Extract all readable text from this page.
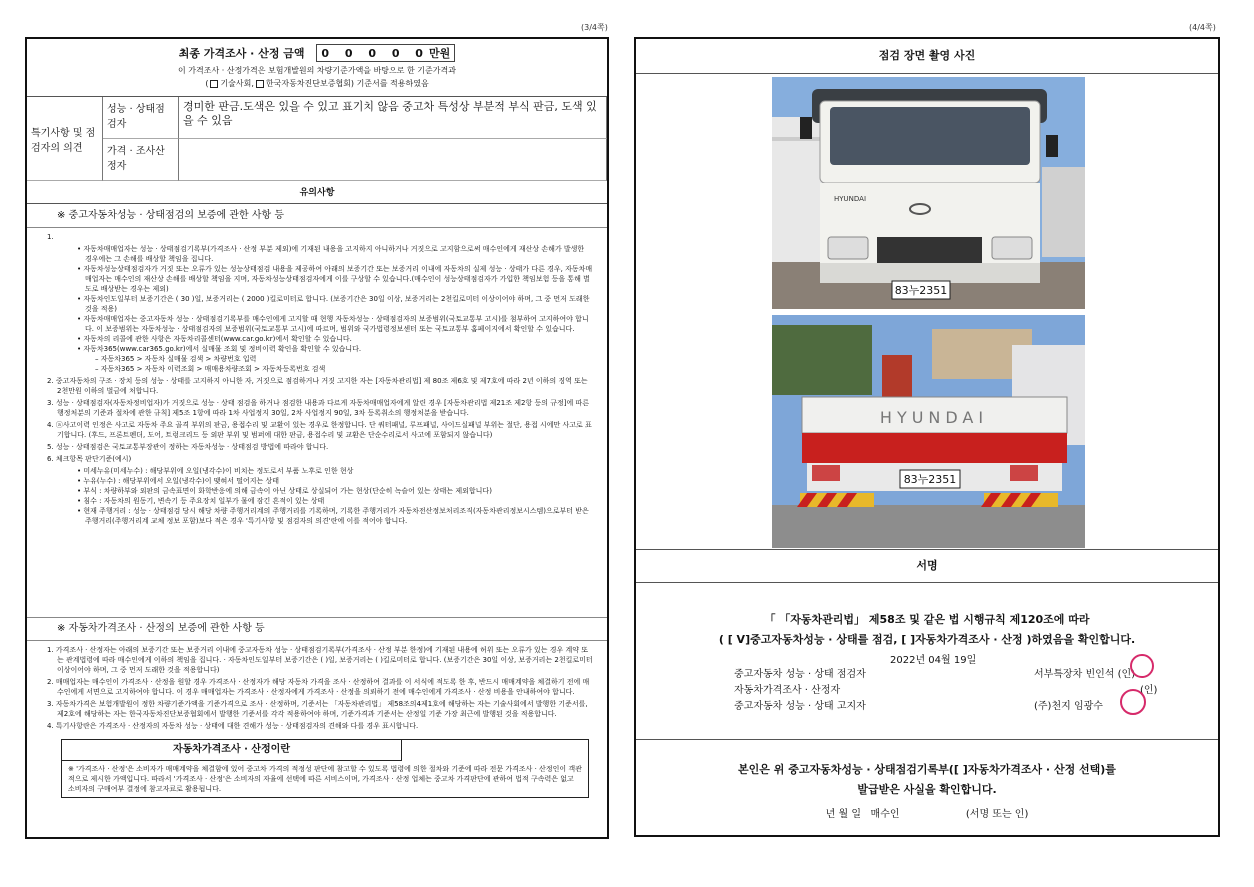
(3/4쪽)	(4/4쪽)
최종 가격조사 · 산정 금액 0 0 0 0 0만원
이 가격조사 · 산정가격은 보험개발원의 차량기준가액을 바탕으로 한 기준가격과
( 기술사회, 한국자동차진단보증협회) 기준서를 적용하였음
특기사항 및 점검자의 의견
성능 · 상태점검자
경미한 판금.도색은 있을 수 있고 표기치 않음 중고차 특성상 부분적 부식 판금, 도색 있을 수 있음
가격 · 조사산정자
유의사항
※ 중고자동차성능 · 상태점검의 보증에 관한 사항 등
1.
• 자동차매매업자는 성능 · 상태점검기록부(가격조사 · 산정 부분 제외)에 기재된 내용을 고지하지 아니하거나 거짓으로 고지함으로써 매수인에게 재산상 손해가 발생한 경우에는 그 손해를 배상할 책임을 집니다.
• 자동차성능상태점검자가 거짓 또는 오류가 있는 성능상태점검 내용을 제공하여 아래의 보증기간 또는 보증거리 이내에 자동차의 실제 성능 · 상태가 다른 경우, 자동차매매업자는 매수인의 재산상 손해를 배상할 책임을 지며, 자동차성능상태점검자에게 이를 구상할 수 있습니다.(매수인이 성능상태점검자가 가입한 책임보험 등을 통해 별도로 배상받는 경우는 제외)
• 자동차인도일부터 보증기간은 ( 30 )일, 보증거리는 ( 2000 )킬로미터로 합니다. (보증기간은 30일 이상, 보증거리는 2천킬로미터 이상이어야 하며, 그 중 먼저 도래한 것을 적용)
• 자동차매매업자는 중고자동차 성능 · 상태점검기록부를 매수인에게 고지할 때 현행 자동차성능 · 상태점검자의 보증범위(국토교통부 고시)를 첨부하여 고지하여야 합니다. 이 보증범위는 자동차성능 · 상태점검자의 보증범위(국토교통부 고시)에 따르며, 범위와 국가법령정보센터 또는 국토교통부 홈페이지에서 확인할 수 있습니다.
• 자동차의 리콜에 관한 사항은 자동차리콜센터(www.car.go.kr)에서 확인할 수 있습니다.
• 자동차365(www.car365.go.kr)에서 실매물 조회 및 정비이력 확인을 확인할 수 있습니다.
– 자동차365 > 자동차 실매물 검색 > 차량번호 입력
– 자동차365 > 자동차 이력조회 > 매매용차량조회 > 자동차등록번호 검색
2. 중고자동차의 구조 · 장치 등의 성능 · 상태를 고지하지 아니한 자, 거짓으로 점검하거나 거짓 고지한 자는 [자동차관리법] 제 80조 제6호 및 제7호에 따라 2년 이하의 징역 또는 2천만원 이하의 벌금에 처합니다.
3. 성능 · 상태점검자(자동차정비업자)가 거짓으로 성능 · 상태 점검을 하거나 점검한 내용과 다르게 자동차매매업자에게 알린 경우 [자동차관리법 제21조 제2항 등의 규정]에 따른 행정처분의 기준과 절차에 관한 규칙] 제5조 1항에 따라 1차 사업정지 30일, 2차 사업정지 90일, 3차 등록취소의 행정처분을 받습니다.
4. ⓐ사고이력 인정은 사고로 자동차 주요 골격 부위의 판금, 용접수리 및 교환이 있는 경우로 한정합니다. 단 쿼터패널, 루프패널, 사이드실패널 부위는 절단, 용접 시에만 사고로 표기합니다. (후드, 프론트펜더, 도어, 트렁크리드 등 외판 부위 및 범퍼에 대한 판금, 용접수리 및 교환은 단순수리로서 사고에 포함되지 않습니다)
5. 성능 · 상태점검은 국토교통부장관이 정하는 자동차성능 · 상태점검 방법에 따라야 합니다.
6. 체크항목 판단기준(예시)
• 미세누유(미세누수) : 해당부위에 오일(냉각수)이 비치는 정도로서 부품 노후로 인한 현상
• 누유(누수) : 해당부위에서 오일(냉각수)이 맺혀서 떨어지는 상태
• 부식 : 차량하부와 외판의 금속표면이 화학반응에 의해 금속이 아닌 상태로 상실되어 가는 현상(단순히 녹슬어 있는 상태는 제외합니다)
• 침수 : 자동차의 원동기, 변속기 등 주요장치 일부가 물에 잠긴 흔적이 있는 상태
• 현재 주행거리 : 성능 · 상태점검 당시 해당 차량 주행거리계의 주행거리를 기록하며, 기록한 주행거리가 자동차전산정보처리조직(자동차관리정보시스템)으로부터 받은 주행거리(주행거리계 교체 정보 포함)보다 적은 경우 '특기사항 및 점검자의 의견'란에 이를 적어야 합니다.
※ 자동차가격조사 · 산정의 보증에 관한 사항 등
1. 가격조사 · 산정자는 아래의 보증기간 또는 보증거리 이내에 중고자동차 성능 · 상태점검기록부(가격조사 · 산정 부분 한정)에 기재된 내용에 허위 또는 오류가 있는 경우 계약 또는 관계법령에 따라 매수인에게 이하의 책임을 집니다. · 자동차인도일부터 보증기간은 ( )일, 보증거리는 ( )킬로미터로 합니다. (보증기간은 30일 이상, 보증거리는 2천킬로미터 이상이어야 하며, 그 중 먼저 도래한 것을 적용합니다)
2. 매매업자는 매수인이 가격조사 · 산정을 원할 경우 가격조사 · 산정자가 해당 자동차 가격을 조사 · 산정하여 결과를 이 서식에 적도록 한 후, 반드시 매매계약을 체결하기 전에 매수인에게 서면으로 고지하여야 합니다. 이 경우 매매업자는 가격조사 · 산정자에게 가격조사 · 산정을 의뢰하기 전에 매수인에게 가격조사 · 산정 비용을 안내하여야 합니다.
3. 자동차가격은 보험개발원이 정한 차량기준가액을 기준가격으로 조사 · 산정하며, 기준서는 「자동차관리법」 제58조의4제1호에 해당하는 자는 기술사회에서 발행한 기준서를, 제2호에 해당하는 자는 한국자동차진단보증협회에서 발행한 기준서를 각각 적용하여야 하며, 기준가격과 기준서는 산정일 기준 가장 최근에 발행된 것을 적용합니다.
4. 특기사항란은 가격조사 · 산정자의 자동차 성능 · 상태에 대한 견해가 성능 · 상태점검자의 견해와 다를 경우 표시합니다.
자동차가격조사 · 산정이란
※ '가격조사 · 산정'은 소비자가 매매계약을 체결함에 있어 중고차 가격의 적정성 판단에 참고할 수 있도록 법령에 의한 절차와 기준에 따라 전문 가격조사 · 산정인이 객관적으로 제시한 가액입니다. 따라서 '가격조사 · 산정'은 소비자의 자율에 선택에 따른 서비스이며, 가격조사 · 산정 업체는 중고차 가격판단에 관하여 법적 구속력은 없고 소비자의 구매여부 결정에 참고자료로 활용됩니다.
점검 장면 촬영 사진
HYUNDAI
83누2351
HYUNDAI
83누2351
서명
「 「자동차관리법」 제58조 및 같은 법 시행규칙 제120조에 따라
( [ V]중고자동차성능 · 상태를 점검, [ ]자동차가격조사 · 산정 )하였음을 확인합니다.
2022년 04월 19일
중고자동차 성능 · 상태 점검자
자동차가격조사 · 산정자
중고자동차 성능 · 상태 고지자
서부특장차 빈인석 (인)
(인)
(주)천지 임광수
본인은 위 중고자동차성능 · 상태점검기록부([ ]자동차가격조사 · 산정 선택)를
발급받은 사실을 확인합니다.
년 월 일 매수인	(서명 또는 인)
